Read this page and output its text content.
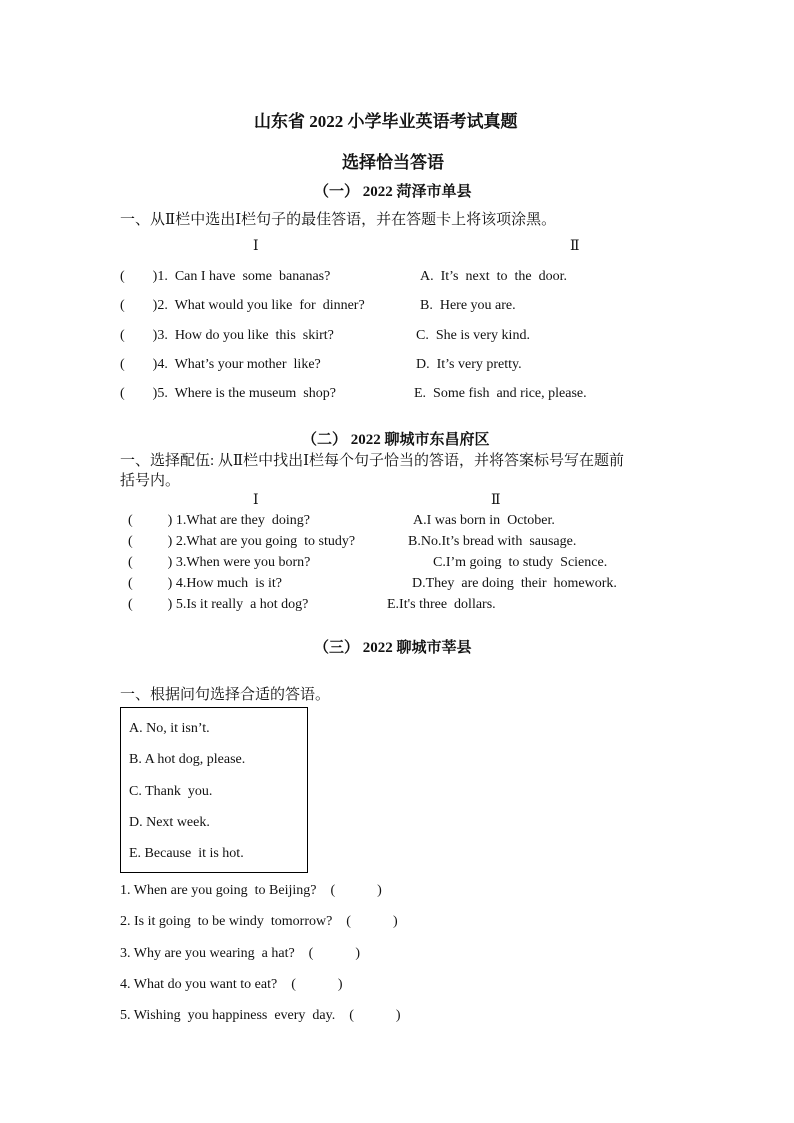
山东省 2022 小学毕业英语考试真题
选择恰当答语
（一） 2022 菏泽市单县
一、从Ⅱ栏中选出Ⅰ栏句子的最佳答语，并在答题卡上将该项涂黑。
Ⅰ	Ⅱ
(        )1.  Can I have  some  bananas?	A.  It’s  next  to  the  door.
(        )2.  What would you like  for  dinner?	B.  Here you are.
(        )3.  How do you like  this  skirt?	C.  She is very kind.
(        )4.  What’s your mother  like?	D.  It’s very pretty.
(        )5.  Where is the museum  shop?	E.  Some fish  and rice, please.
（二） 2022 聊城市东昌府区
一、选择配伍: 从Ⅱ栏中找出Ⅰ栏每个句子恰当的答语，并将答案标号写在题前
括号内。
Ⅰ	Ⅱ
(          ) 1.What are they  doing?	A.I was born in  October.
(          ) 2.What are you going  to study?	B.No.It’s bread with  sausage.
(          ) 3.When were you born?	C.I’m going  to study  Science.
(          ) 4.How much  is it?	D.They  are doing  their  homework.
(          ) 5.Is it really  a hot dog?	E.It's three  dollars.
（三） 2022 聊城市莘县
一、根据问句选择合适的答语。
A. No, it isn’t.
B. A hot dog, please.
C. Thank  you.
D. Next week.
E. Because  it is hot.
1. When are you going  to Beijing?    (            )
2. Is it going  to be windy  tomorrow?    (            )
3. Why are you wearing  a hat?    (            )
4. What do you want to eat?    (            )
5. Wishing  you happiness  every  day.    (            )
